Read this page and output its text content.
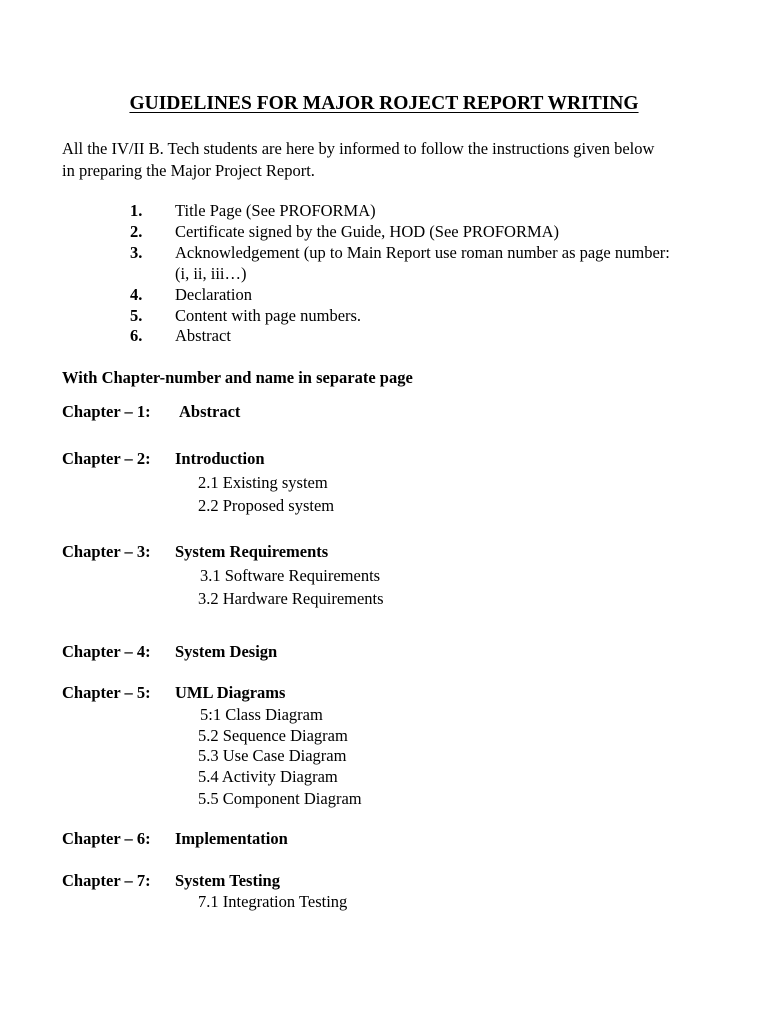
GUIDELINES FOR MAJOR ROJECT REPORT WRITING
All the IV/II B. Tech students are here by informed to follow the instructions given below
in preparing the Major Project Report.
1. Title Page (See PROFORMA)
2. Certificate signed by the Guide, HOD (See PROFORMA)
3. Acknowledgement (up to Main Report use roman number as page number:
(i, ii, iii…)
4. Declaration
5. Content with page numbers.
6. Abstract
With Chapter-number and name in separate page
Chapter – 1: Abstract
Chapter – 2: Introduction
2.1 Existing system
2.2 Proposed system
Chapter – 3: System Requirements
3.1 Software Requirements
3.2 Hardware Requirements
Chapter – 4: System Design
Chapter – 5: UML Diagrams
5:1 Class Diagram
5.2 Sequence Diagram
5.3 Use Case Diagram
5.4 Activity Diagram
5.5 Component Diagram
Chapter – 6: Implementation
Chapter – 7: System Testing
7.1 Integration Testing
